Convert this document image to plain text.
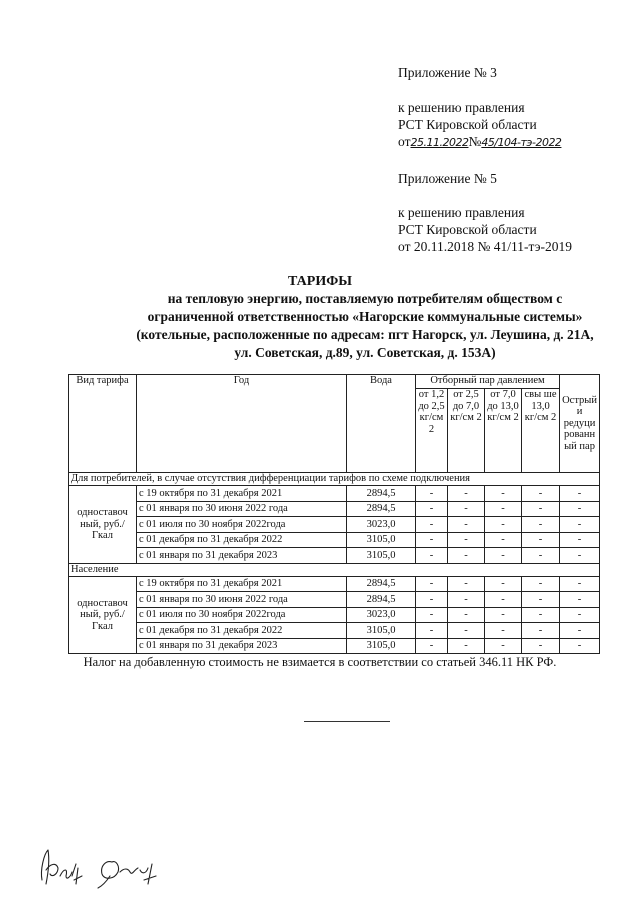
Приложение № 3
к решению правления
РСТ Кировской области
от25.11.2022№45/104-тэ-2022
Приложение № 5
к решению правления
РСТ Кировской области
от 20.11.2018 № 41/11-тэ-2019
ТАРИФЫ
на тепловую энергию, поставляемую потребителям обществом с ограниченной ответственностью «Нагорские коммунальные системы» (котельные, расположенные по адресам: пгт Нагорск, ул. Леушина, д. 21А, ул. Советская, д.89, ул. Советская, д. 153А)
Вид тарифа	Год	Вода	Отборный пар давлением				Острый и редуци рованн ый пар
			от 1,2 до 2,5 кг/см 2	от 2,5 до 7,0 кг/см 2	от 7,0 до 13,0 кг/см 2	свы ше 13,0 кг/см 2	
Для потребителей, в случае отсутствия дифференциации тарифов по схеме подключения							
одноставоч ный, руб./Гкал	с 19 октября по 31 декабря 2021	2894,5	-	-	-	-	-
	с 01 января по 30 июня 2022 года	2894,5	-	-	-	-	-
	с 01 июля по 30 ноября 2022года	3023,0	-	-	-	-	-
	с 01 декабря по 31 декабря 2022	3105,0	-	-	-	-	-
	с 01 января по 31 декабря 2023	3105,0	-	-	-	-	-
Население							
одноставоч ный, руб./Гкал	с 19 октября по 31 декабря 2021	2894,5	-	-	-	-	-
	с 01 января по 30 июня 2022 года	2894,5	-	-	-	-	-
	с 01 июля по 30 ноября 2022года	3023,0	-	-	-	-	-
	с 01 декабря по 31 декабря 2022	3105,0	-	-	-	-	-
	с 01 января по 31 декабря 2023	3105,0	-	-	-	-	-
Налог на добавленную стоимость не взимается в соответствии со статьей 346.11 НК РФ.
